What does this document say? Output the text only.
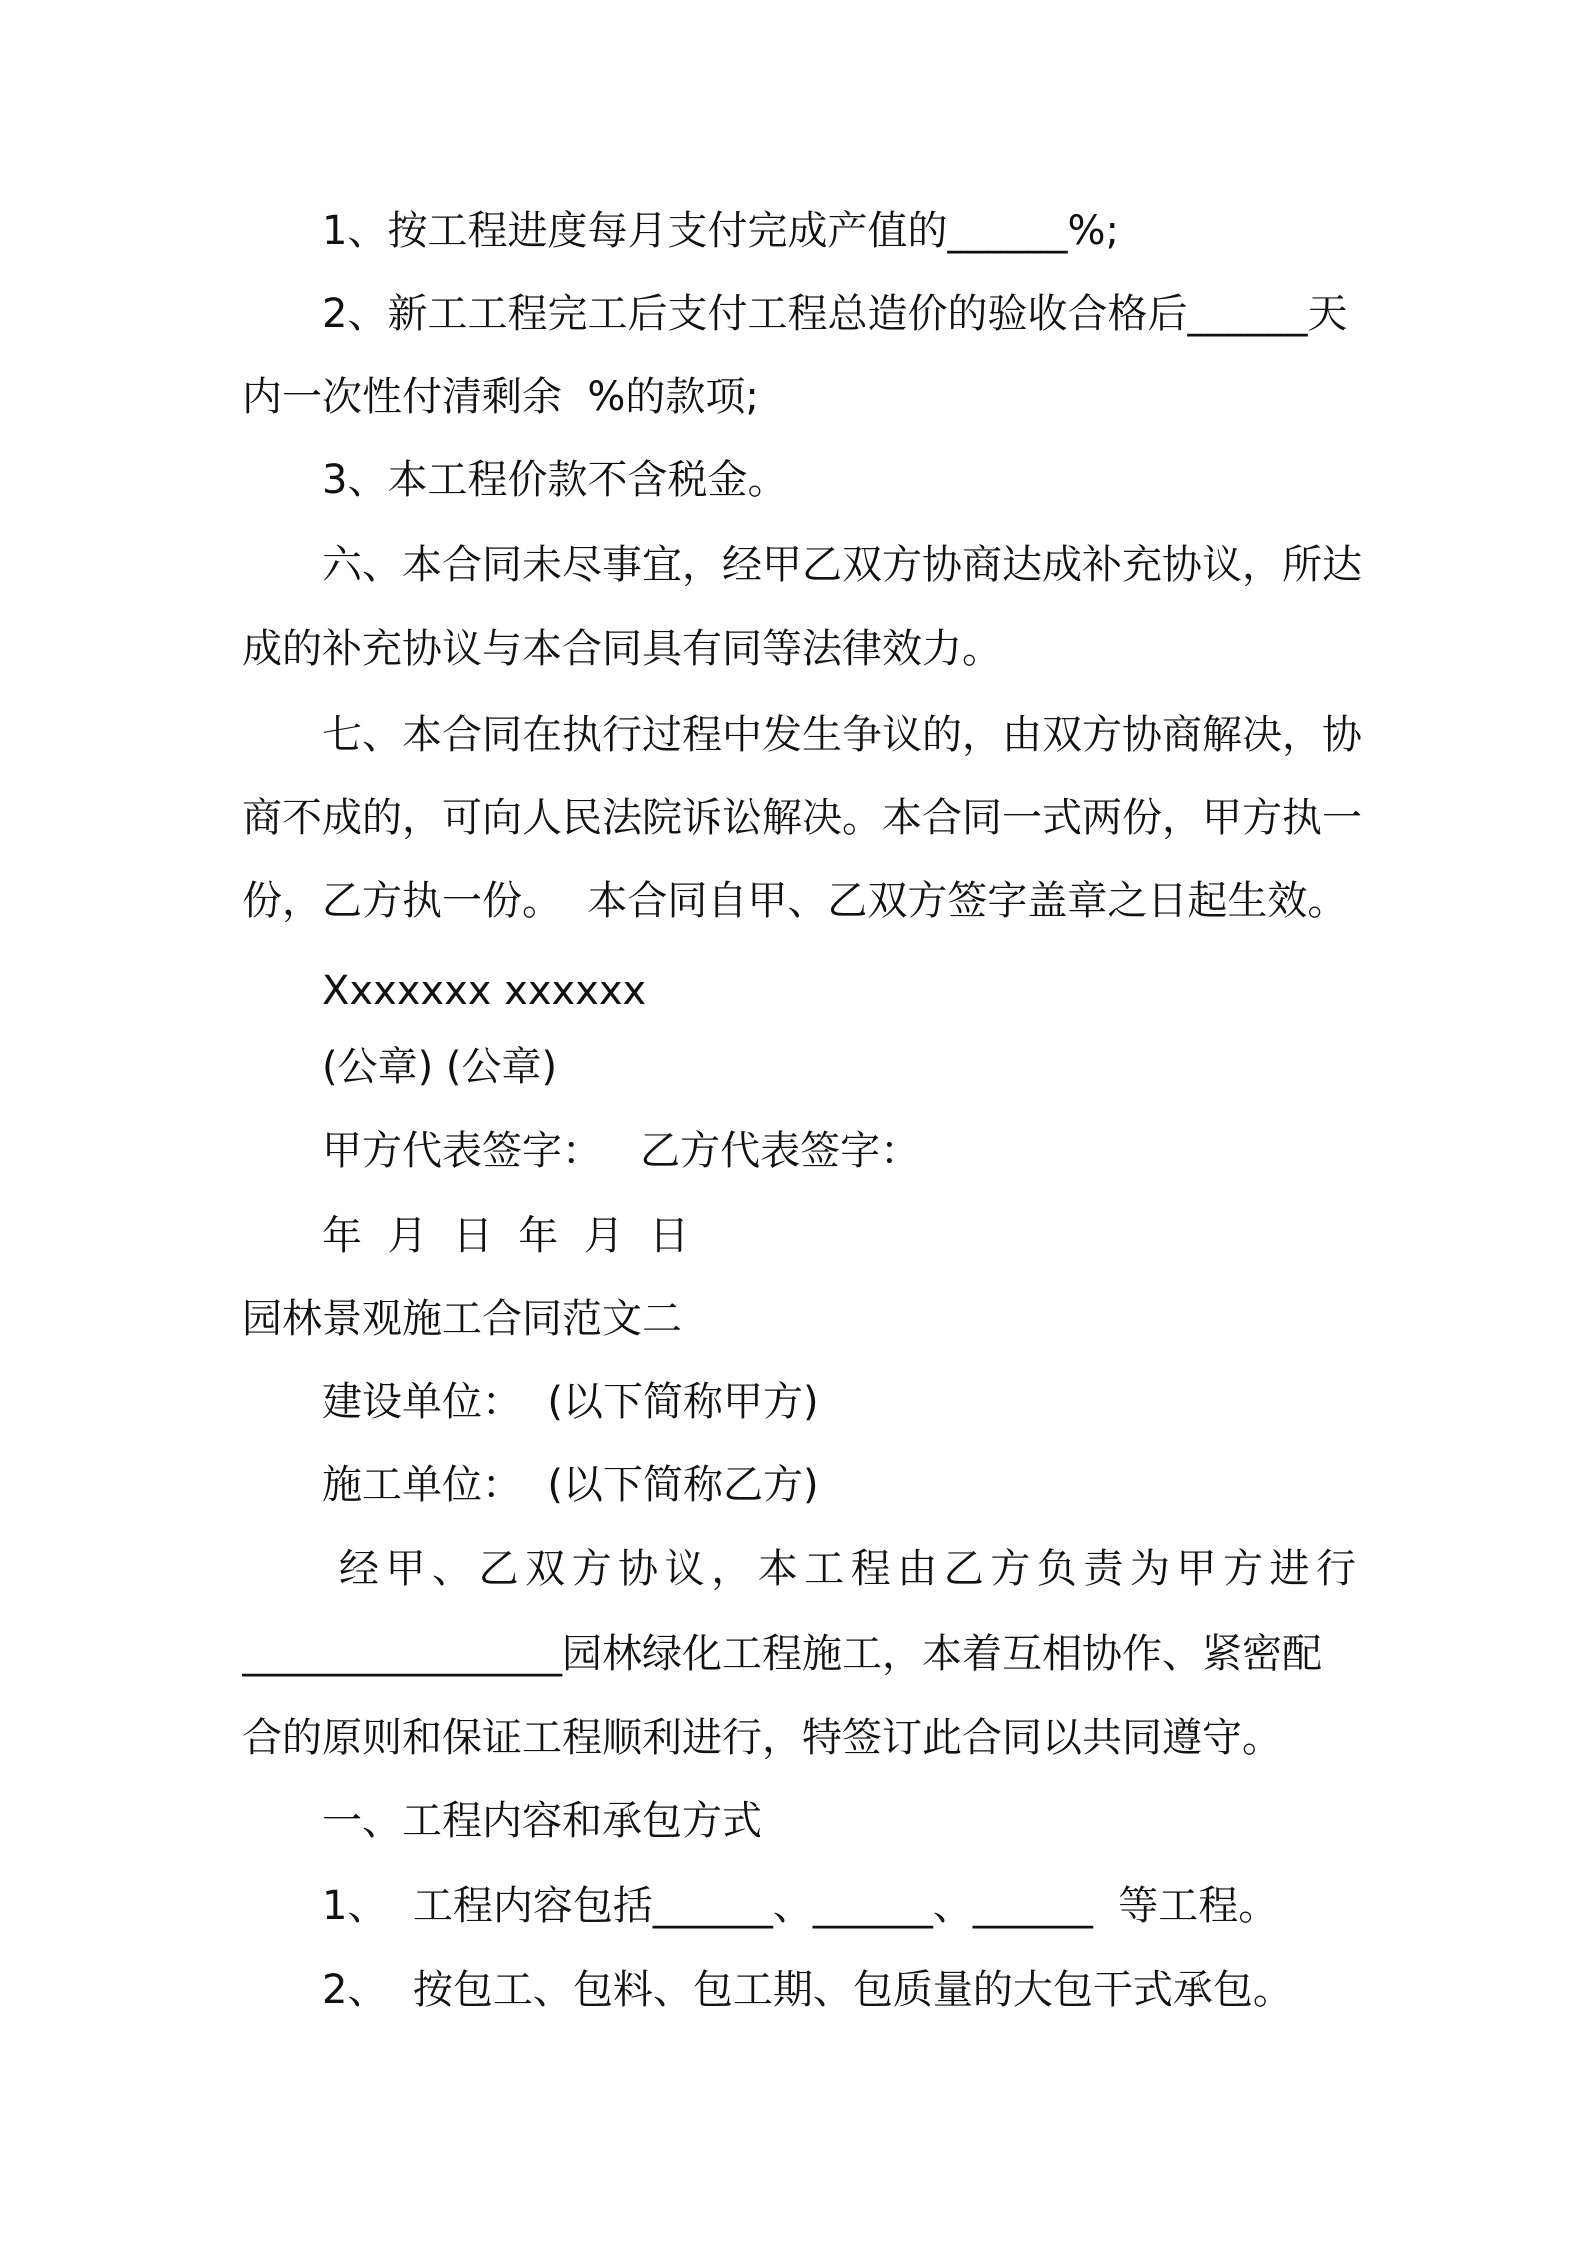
1、按工程进度每月支付完成产值的______%;
2、新工工程完工后支付工程总造价的验收合格后______天
内一次性付清剩余  %的款项;
3、本工程价款不含税金。
六、本合同未尽事宜，经甲乙双方协商达成补充协议，所达
成的补充协议与本合同具有同等法律效力。
七、本合同在执行过程中发生争议的，由双方协商解决，协
商不成的，可向人民法院诉讼解决。本合同一式两份，甲方执一
份，乙方执一份。  本合同自甲、乙双方签字盖章之日起生效。
Xxxxxxx xxxxxx
(公章) (公章)
甲方代表签字：   乙方代表签字：
年  月  日  年  月  日
园林景观施工合同范文二
建设单位：  (以下简称甲方)
施工单位：  (以下简称乙方)
经甲、乙双方协议，本工程由乙方负责为甲方进行
________________园林绿化工程施工，本着互相协作、紧密配
合的原则和保证工程顺利进行，特签订此合同以共同遵守。
一、工程内容和承包方式
1、  工程内容包括______、______、______  等工程。
2、  按包工、包料、包工期、包质量的大包干式承包。
